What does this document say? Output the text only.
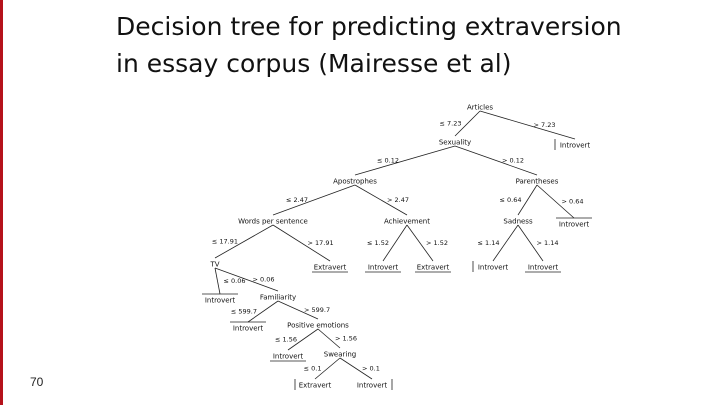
Decision tree for predicting extraversion
in essay corpus (Mairesse et al)
≤ 7.23	> 7.23
≤ 0.12	> 0.12
≤ 2.47	> 2.47	≤ 0.64	> 0.64
≤ 17.91	> 17.91	≤ 1.52	> 1.52	≤ 1.14	> 1.14
≤ 0.06 > 0.06
≤ 599.7	> 599.7
≤ 1.56	> 1.56
≤ 0.1	> 0.1
Articles
Sexuality
Apostrophes	Parentheses
Words per sentence	Achievement	Sadness
TV
Familiarity
Positive emotions
Swearing
Introvert
Introvert
Extravert	Introvert	Extravert	Introvert	Introvert
Introvert
Introvert
Introvert
Extravert	Introvert
70
